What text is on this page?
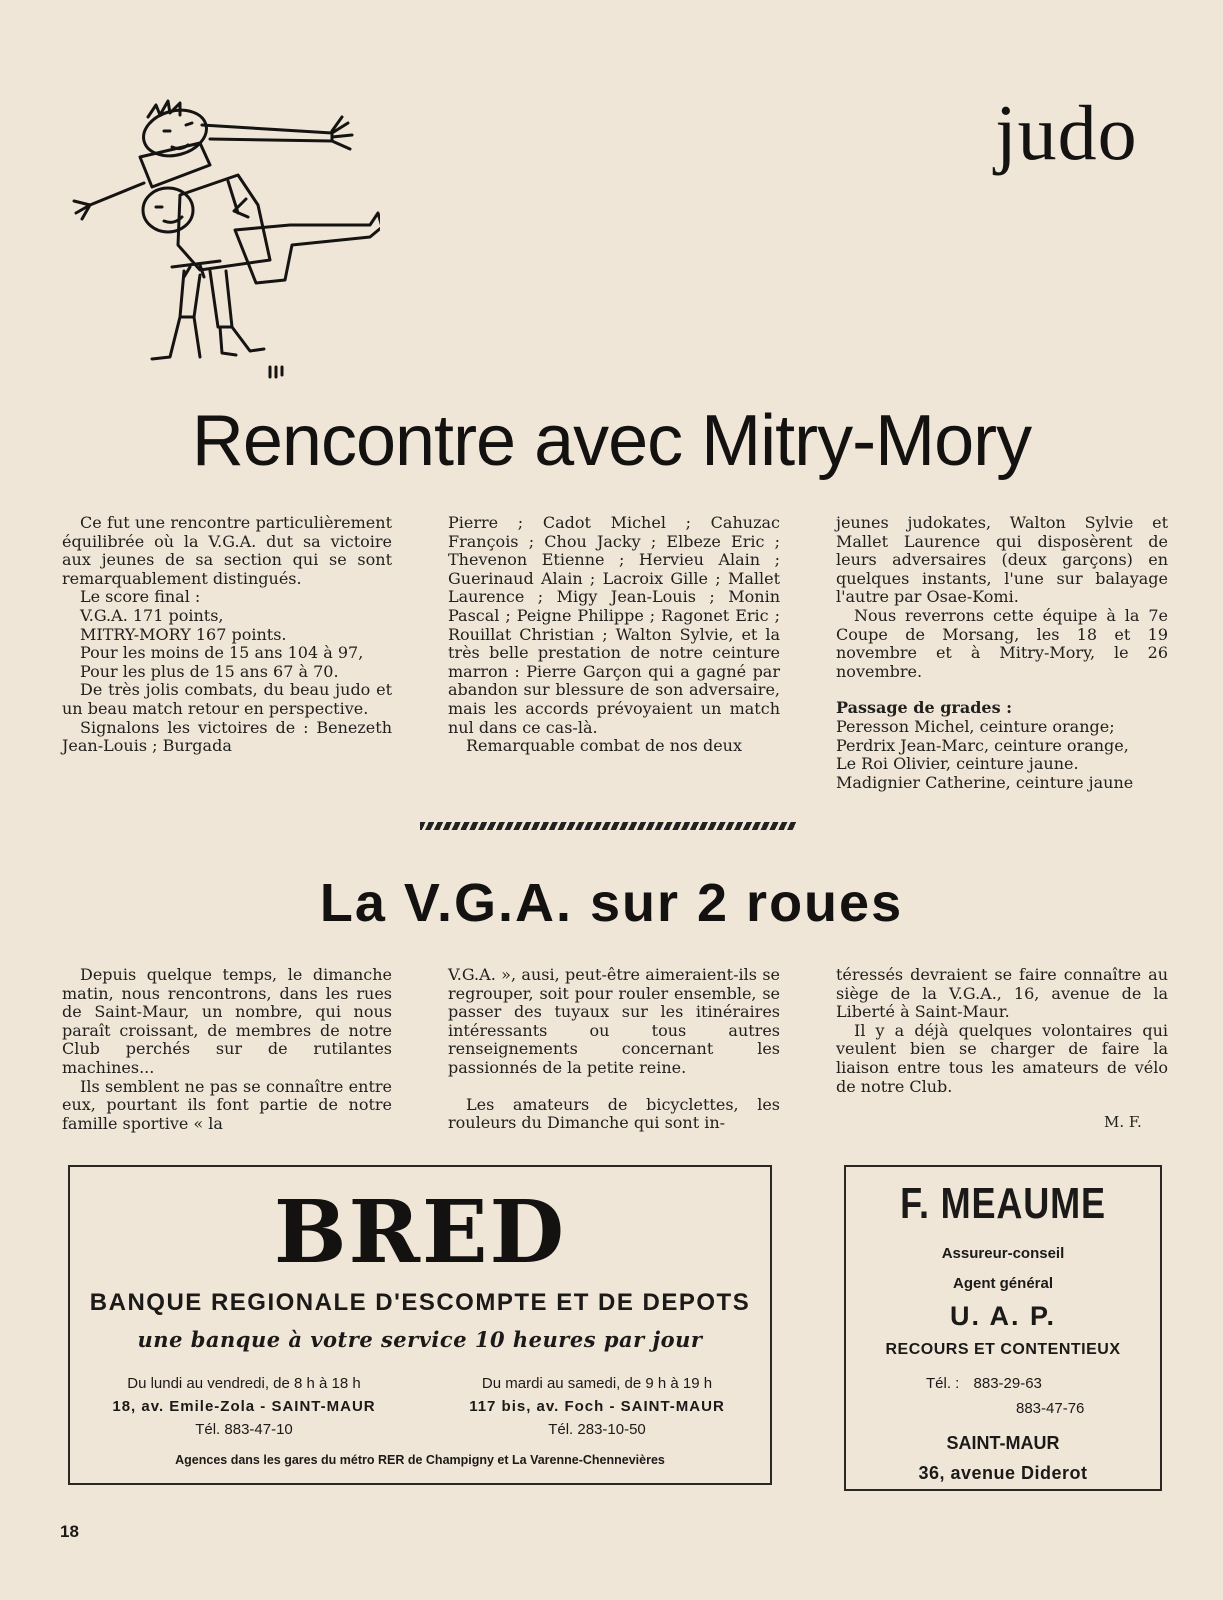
judo
Rencontre avec Mitry-Mory

Ce fut une rencontre particulièrement équilibrée où la V.G.A. dut sa victoire aux jeunes de sa section qui se sont remarquablement distingués.

Le score final :

V.G.A. 171 points,

MITRY-MORY 167 points.

Pour les moins de 15 ans 104 à 97,

Pour les plus de 15 ans 67 à 70.

De très jolis combats, du beau judo et un beau match retour en perspective.

Signalons les victoires de : Benezeth Jean-Louis ; Burgada

Pierre ; Cadot Michel ; Cahuzac François ; Chou Jacky ; Elbeze Eric ; Thevenon Etienne ; Hervieu Alain ; Guerinaud Alain ; Lacroix Gille ; Mallet Laurence ; Migy Jean-Louis ; Monin Pascal ; Peigne Philippe ; Ragonet Eric ; Rouillat Christian ; Walton Sylvie, et la très belle prestation de notre ceinture marron : Pierre Garçon qui a gagné par abandon sur blessure de son adversaire, mais les accords prévoyaient un match nul dans ce cas-là.

Remarquable combat de nos deux

jeunes judokates, Walton Sylvie et Mallet Laurence qui disposèrent de leurs adversaires (deux garçons) en quelques instants, l'une sur balayage l'autre par Osae-Komi.

Nous reverrons cette équipe à la 7e Coupe de Morsang, les 18 et 19 novembre et à Mitry-Mory, le 26 novembre.

Passage de grades :

Peresson Michel, ceinture orange;

Perdrix Jean-Marc, ceinture orange,

Le Roi Olivier, ceinture jaune.

Madignier Catherine, ceinture jaune

La V.G.A. sur 2 roues

Depuis quelque temps, le dimanche matin, nous rencontrons, dans les rues de Saint-Maur, un nombre, qui nous paraît croissant, de membres de notre Club perchés sur de rutilantes machines...

Ils semblent ne pas se connaître entre eux, pourtant ils font partie de notre famille sportive « la

V.G.A. », ausi, peut-être aimeraient-ils se regrouper, soit pour rouler ensemble, se passer des tuyaux sur les itinéraires intéressants ou tous autres renseignements concernant les passionnés de la petite reine.

Les amateurs de bicyclettes, les rouleurs du Dimanche qui sont in-

téressés devraient se faire connaître au siège de la V.G.A., 16, avenue de la Liberté à Saint-Maur.

Il y a déjà quelques volontaires qui veulent bien se charger de faire la liaison entre tous les amateurs de vélo de notre Club.

M. F.
BRED
BANQUE REGIONALE D'ESCOMPTE ET DE DEPOTS
une banque à votre service 10 heures par jour
Du lundi au vendredi, de 8 h à 18 h
18, av. Emile-Zola - SAINT-MAUR
Tél. 883-47-10
Du mardi au samedi, de 9 h à 19 h
117 bis, av. Foch - SAINT-MAUR
Tél. 283-10-50
Agences dans les gares du métro RER de Champigny et La Varenne-Chennevières
F. MEAUME
Assureur-conseil
Agent général
U. A. P.
RECOURS ET CONTENTIEUX
Tél. : 883-29-63
883-47-76
SAINT-MAUR
36, avenue Diderot
18
